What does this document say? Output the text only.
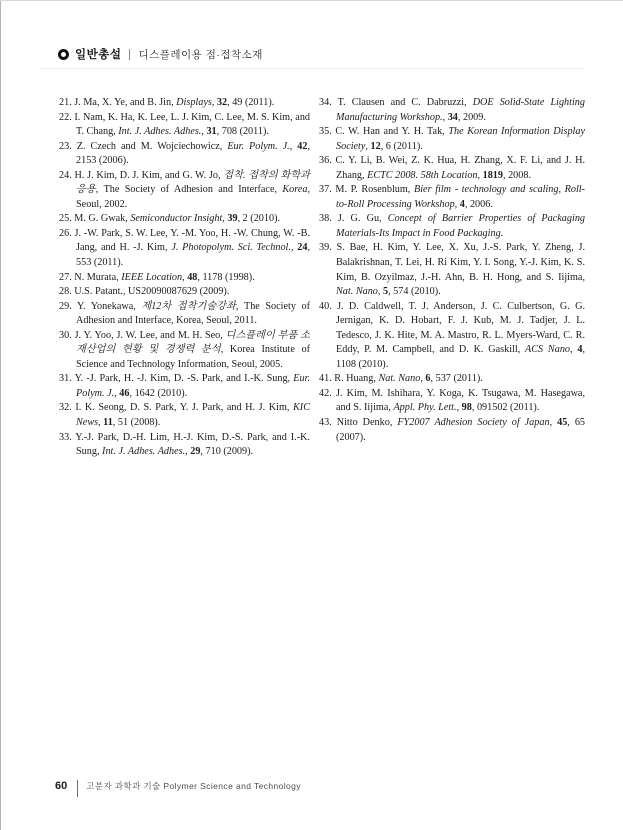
일반총설 디스플레이용 점·접착소재
21. J. Ma, X. Ye, and B. Jin, Displays, 32, 49 (2011).
22. I. Nam, K. Ha, K. Lee, L. J. Kim, C. Lee, M. S. Kim, and T. Chang, Int. J. Adhes. Adhes., 31, 708 (2011).
23. Z. Czech and M. Wojciechowicz, Eur. Polym. J., 42, 2153 (2006).
24. H. J. Kim, D. J. Kim, and G. W. Jo, 접착. 접착의 화학과 응용, The Society of Adhesion and Interface, Korea, Seoul, 2002.
25. M. G. Gwak, Semiconductor Insight, 39, 2 (2010).
26. J. -W. Park, S. W. Lee, Y. -M. Yoo, H. -W. Chung, W. -B. Jang, and H. -J. Kim, J. Photopolym. Sci. Technol., 24, 553 (2011).
27. N. Murata, IEEE Location, 48, 1178 (1998).
28. U.S. Patant., US20090087629 (2009).
29. Y. Yonekawa, 제12차 접착기술강좌, The Society of Adhesion and Interface, Korea, Seoul, 2011.
30. J. Y. Yoo, J. W. Lee, and M. H. Seo, 디스플레이 부품 소재산업의 현황 및 경쟁력 분석, Korea Institute of Science and Technology Information, Seoul, 2005.
31. Y. -J. Park, H. -J. Kim, D. -S. Park, and I.-K. Sung, Eur. Polym. J., 46, 1642 (2010).
32. I. K. Seong, D. S. Park, Y. J. Park, and H. J. Kim, KIC News, 11, 51 (2008).
33. Y.-J. Park, D.-H. Lim, H.-J. Kim, D.-S. Park, and I.-K. Sung, Int. J. Adhes. Adhes., 29, 710 (2009).
34. T. Clausen and C. Dabruzzi, DOE Solid-State Lighting Manufacturing Workshop., 34, 2009.
35. C. W. Han and Y. H. Tak, The Korean Information Display Society, 12, 6 (2011).
36. C. Y. Li, B. Wei, Z. K. Hua, H. Zhang, X. F. Li, and J. H. Zhang, ECTC 2008. 58th Location, 1819, 2008.
37. M. P. Rosenblum, Bier film - technology and scaling, Roll-to-Roll Processing Workshop, 4, 2006.
38. J. G. Gu, Concept of Barrier Properties of Packaging Materials-Its Impact in Food Packaging.
39. S. Bae, H. Kim, Y. Lee, X. Xu, J.-S. Park, Y. Zheng, J. Balakrishnan, T. Lei, H. Ri Kim, Y. I. Song, Y.-J. Kim, K. S. Kim, B. Ozyilmaz, J.-H. Ahn, B. H. Hong, and S. Iijima, Nat. Nano, 5, 574 (2010).
40. J. D. Caldwell, T. J. Anderson, J. C. Culbertson, G. G. Jernigan, K. D. Hobart, F. J. Kub, M. J. Tadjer, J. L. Tedesco, J. K. Hite, M. A. Mastro, R. L. Myers-Ward, C. R. Eddy, P. M. Campbell, and D. K. Gaskill, ACS Nano, 4, 1108 (2010).
41. R. Huang, Nat. Nano, 6, 537 (2011).
42. J. Kim, M. Ishihara, Y. Koga, K. Tsugawa, M. Hasegawa, and S. Iijima, Appl. Phy. Lett., 98, 091502 (2011).
43. Nitto Denko, FY2007 Adhesion Society of Japan, 45, 65 (2007).
60 고분자 과학과 기술 Polymer Science and Technology
